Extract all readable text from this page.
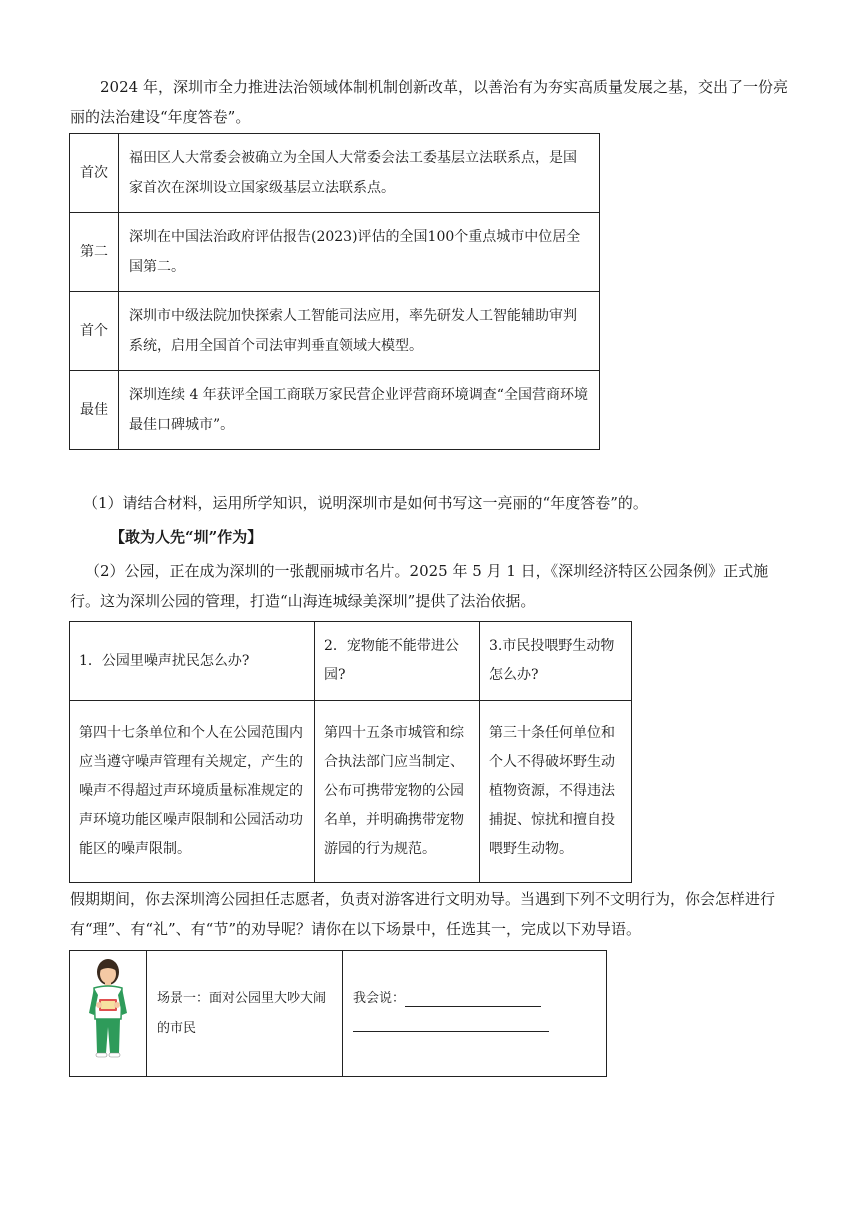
2024 年，深圳市全力推进法治领域体制机制创新改革，以善治有为夯实高质量发展之基，交出了一份亮丽的法治建设“年度答卷”。

首次	福田区人大常委会被确立为全国人大常委会法工委基层立法联系点，是国家首次在深圳设立国家级基层立法联系点。
第二	深圳在中国法治政府评估报告(2023)评估的全国100个重点城市中位居全国第二。
首个	深圳市中级法院加快探索人工智能司法应用，率先研发人工智能辅助审判系统，启用全国首个司法审判垂直领域大模型。
最佳	深圳连续 4 年获评全国工商联万家民营企业评营商环境调查“全国营商环境最佳口碑城市”。

（1）请结合材料，运用所学知识，说明深圳市是如何书写这一亮丽的“年度答卷”的。

【敢为人先“圳”作为】

（2）公园，正在成为深圳的一张靓丽城市名片。2025 年 5 月 1 日，《深圳经济特区公园条例》正式施行。这为深圳公园的管理，打造“山海连城绿美深圳”提供了法治依据。

1．公园里噪声扰民怎么办?	2．宠物能不能带进公园?	3.市民投喂野生动物怎么办?
第四十七条单位和个人在公园范围内应当遵守噪声管理有关规定，产生的噪声不得超过声环境质量标准规定的声环境功能区噪声限制和公园活动功能区的噪声限制。	第四十五条市城管和综合执法部门应当制定、公布可携带宠物的公园名单，并明确携带宠物游园的行为规范。	第三十条任何单位和个人不得破坏野生动植物资源，不得违法捕捉、惊扰和擅自投喂野生动物。

假期期间，你去深圳湾公园担任志愿者，负责对游客进行文明劝导。当遇到下列不文明行为，你会怎样进行有“理”、有“礼”、有“节”的劝导呢？请你在以下场景中，任选其一，完成以下劝导语。

	场景一：面对公园里大吵大闹的市民	
我会说：
